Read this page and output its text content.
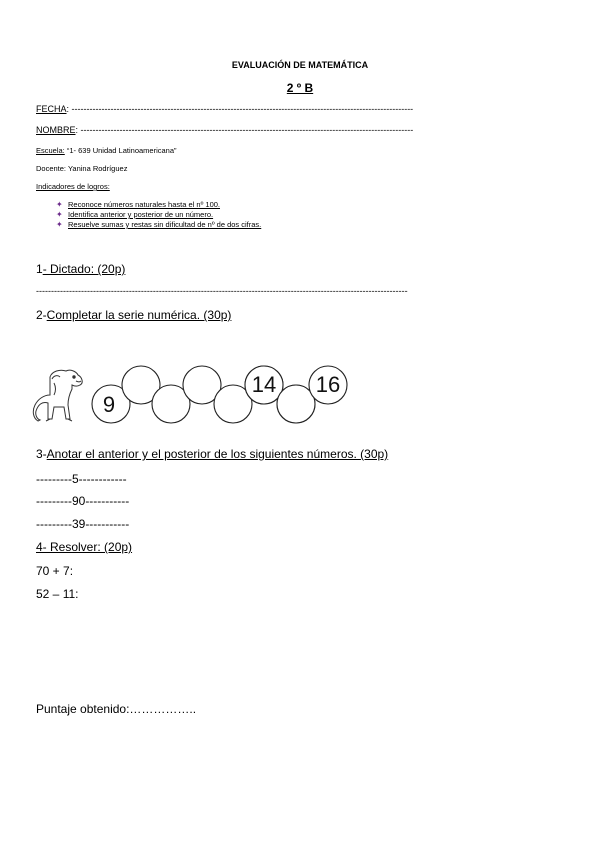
EVALUACIÓN DE MATEMÁTICA
2 º B
FECHA: ------------------------------------------------------------------------------------------------------------------
NOMBRE: ---------------------------------------------------------------------------------------------------------------
Escuela: “1- 639 Unidad Latinoamericana”
Docente: Yanina Rodríguez
Indicadores de logros:
✦ Reconoce números naturales hasta el nº 100.
✦ Identifica anterior y posterior de un número.
✦ Resuelve sumas y restas sin dificultad de nº de dos cifras.
1- Dictado: (20p)
----------------------------------------------------------------------------------------------------------------------------
2-Completar la serie numérica. (30p)
9
14 16
3-Anotar el anterior y el posterior de los siguientes números. (30p)
---------5------------
---------90-----------
---------39-----------
4- Resolver: (20p)
70 + 7:
52 – 11:
Puntaje obtenido:……………..
